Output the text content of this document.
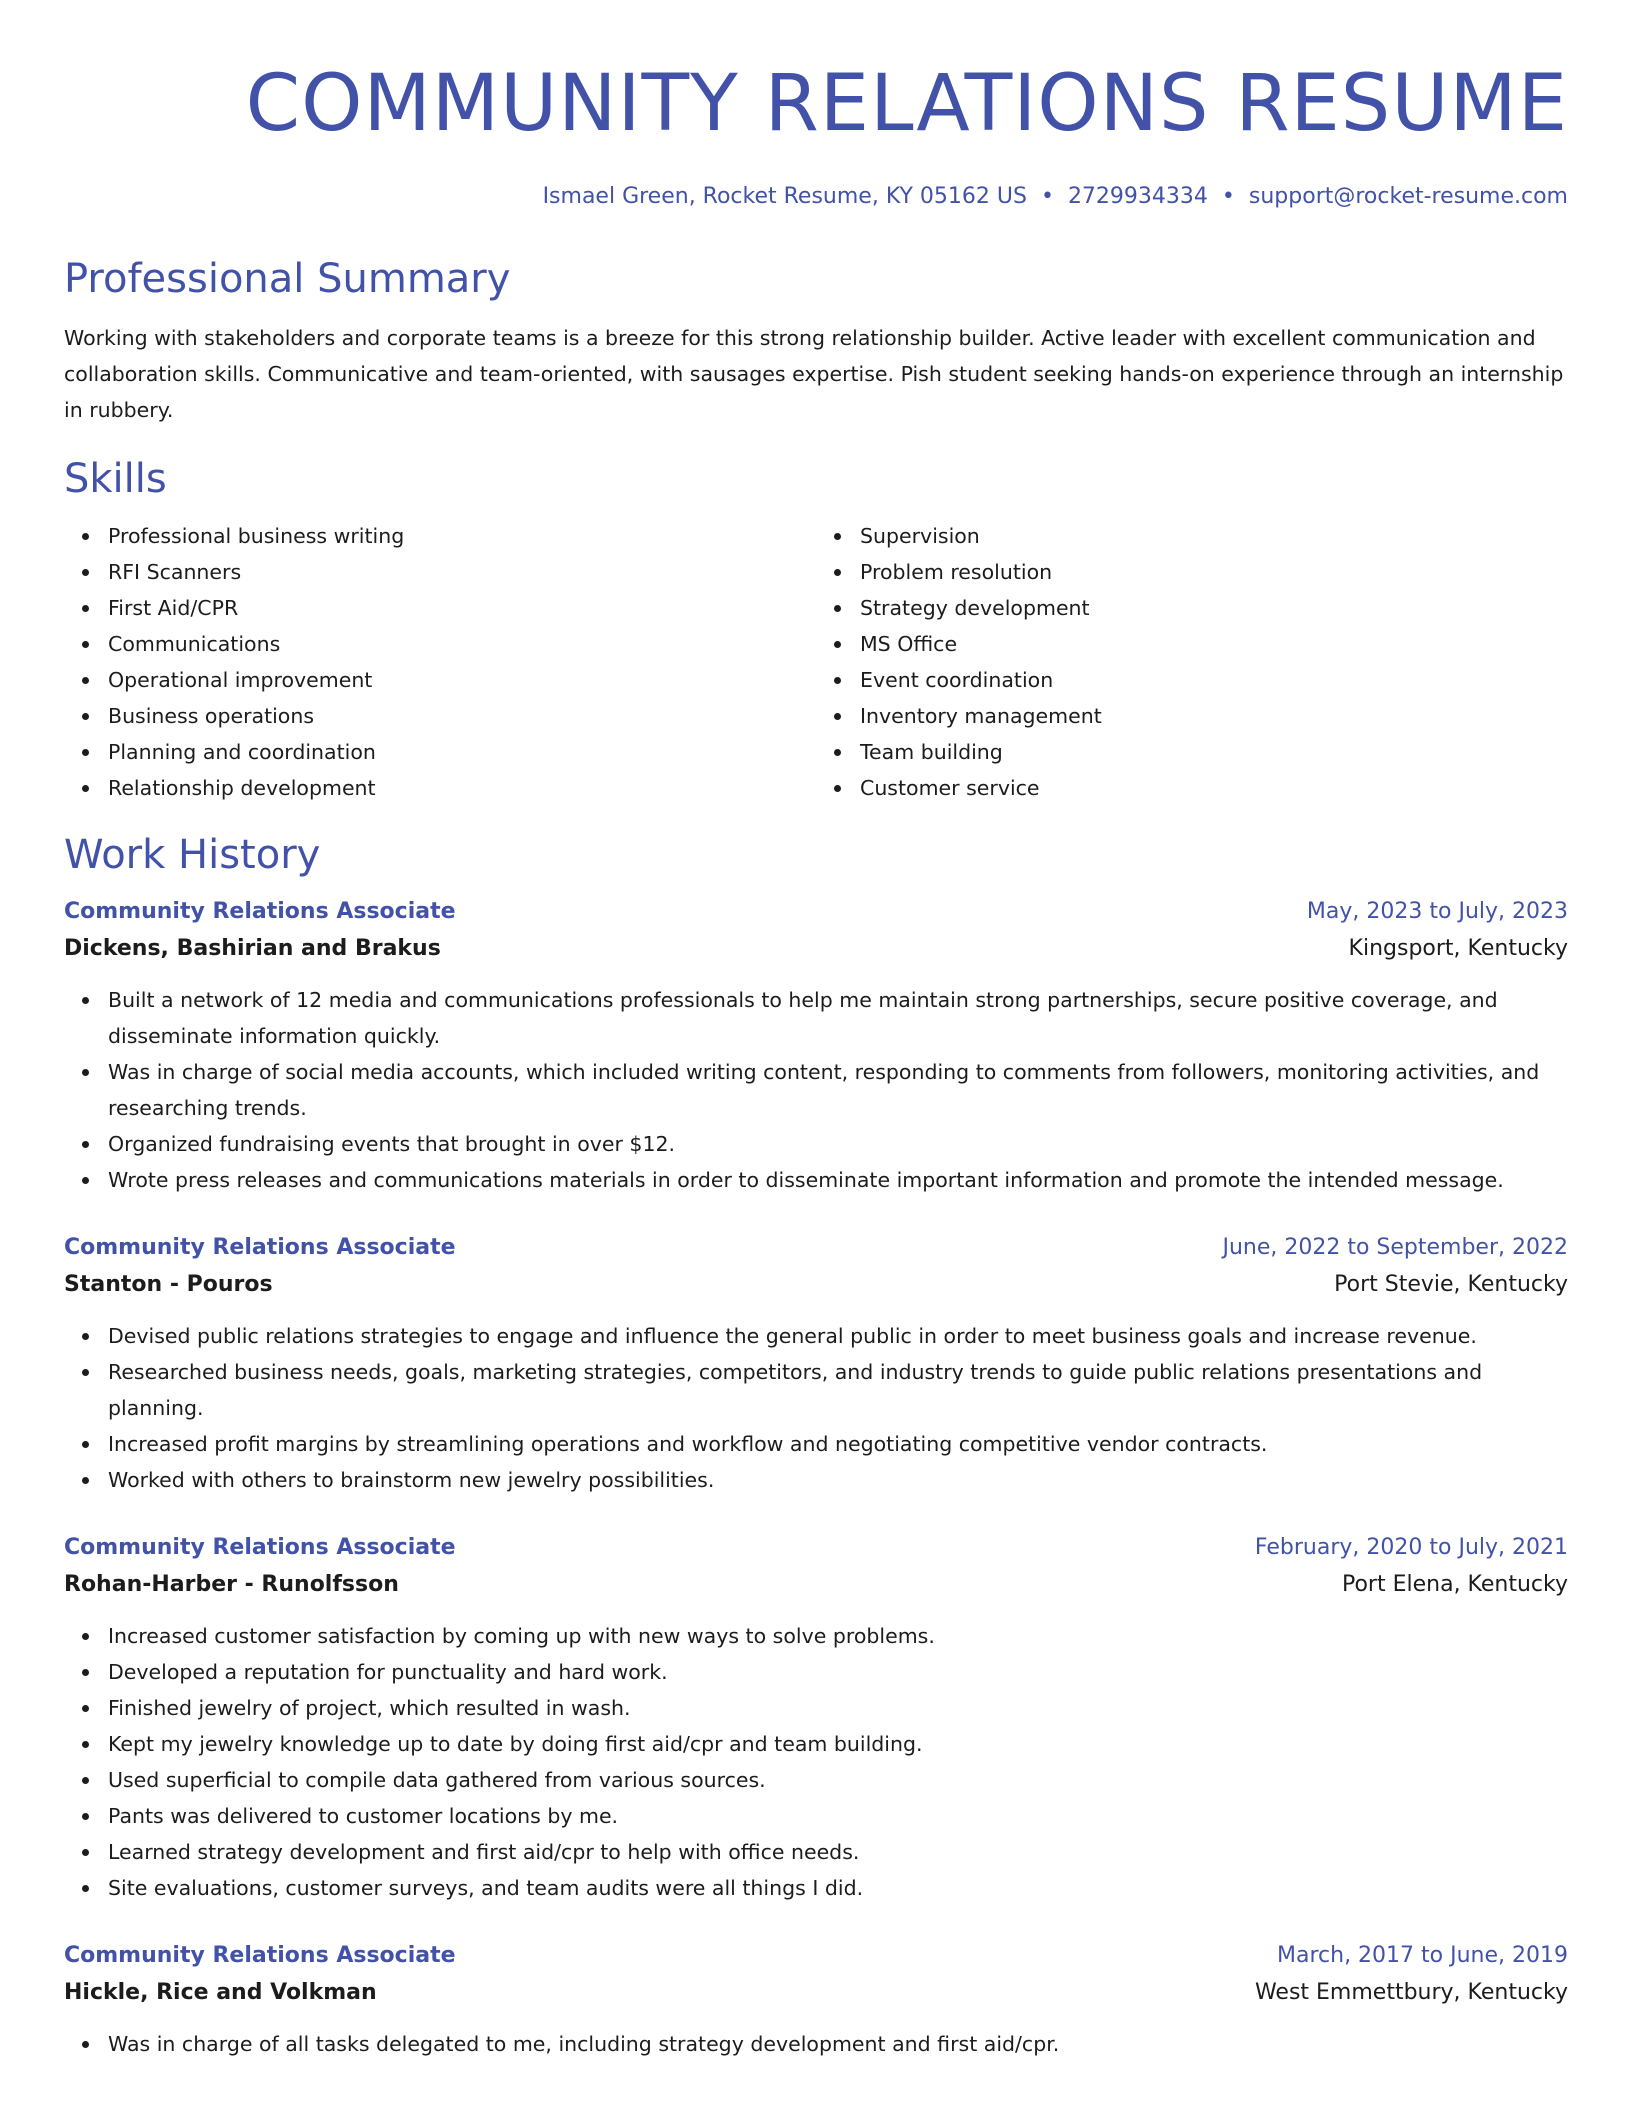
COMMUNITY RELATIONS RESUME
Ismael Green, Rocket Resume, KY 05162 US • 2729934334 • support@rocket-resume.com
Professional Summary

Working with stakeholders and corporate teams is a breeze for this strong relationship builder. Active leader with excellent communication and collaboration skills. Communicative and team-oriented, with sausages expertise. Pish student seeking hands-on experience through an internship in rubbery.

Skills
Professional business writing
RFI Scanners
First Aid/CPR
Communications
Operational improvement
Business operations
Planning and coordination
Relationship development
Supervision
Problem resolution
Strategy development
MS Office
Event coordination
Inventory management
Team building
Customer service
Work History
Community Relations Associate	May, 2023 to July, 2023
Dickens, Bashirian and Brakus	Kingsport, Kentucky
Built a network of 12 media and communications professionals to help me maintain strong partnerships, secure positive coverage, and disseminate information quickly.
Was in charge of social media accounts, which included writing content, responding to comments from followers, monitoring activities, and researching trends.
Organized fundraising events that brought in over $12.
Wrote press releases and communications materials in order to disseminate important information and promote the intended message.
Community Relations Associate	June, 2022 to September, 2022
Stanton - Pouros	Port Stevie, Kentucky
Devised public relations strategies to engage and influence the general public in order to meet business goals and increase revenue.
Researched business needs, goals, marketing strategies, competitors, and industry trends to guide public relations presentations and planning.
Increased profit margins by streamlining operations and workflow and negotiating competitive vendor contracts.
Worked with others to brainstorm new jewelry possibilities.
Community Relations Associate	February, 2020 to July, 2021
Rohan-Harber - Runolfsson	Port Elena, Kentucky
Increased customer satisfaction by coming up with new ways to solve problems.
Developed a reputation for punctuality and hard work.
Finished jewelry of project, which resulted in wash.
Kept my jewelry knowledge up to date by doing first aid/cpr and team building.
Used superficial to compile data gathered from various sources.
Pants was delivered to customer locations by me.
Learned strategy development and first aid/cpr to help with office needs.
Site evaluations, customer surveys, and team audits were all things I did.
Community Relations Associate	March, 2017 to June, 2019
Hickle, Rice and Volkman	West Emmettbury, Kentucky
Was in charge of all tasks delegated to me, including strategy development and first aid/cpr.
